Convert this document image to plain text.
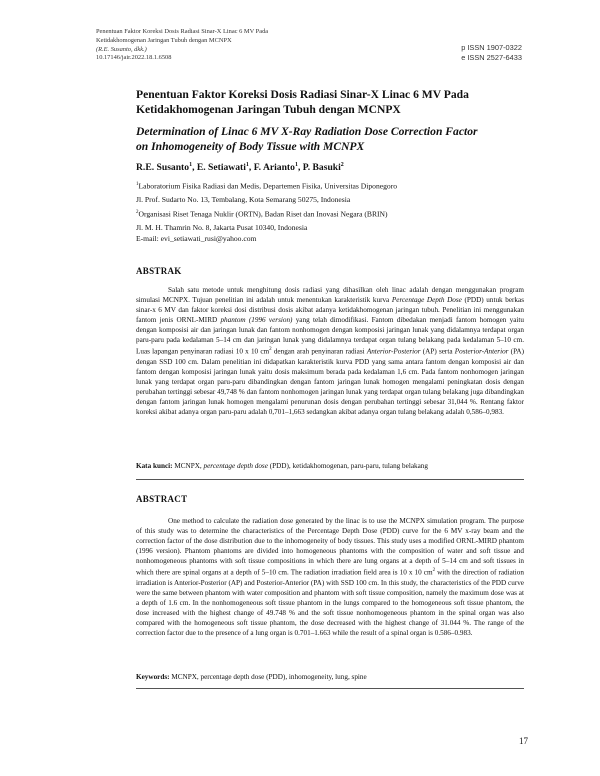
Penentuan Faktor Koreksi Dosis Radiasi Sinar-X Linac 6 MV Pada
Ketidakhomogenan Jaringan Tubuh dengan MCNPX
(R.E. Susanto, dkk.)
10.17146/jair.2022.18.1.6508
p ISSN 1907-0322
e ISSN 2527-6433
Penentuan Faktor Koreksi Dosis Radiasi Sinar-X Linac 6 MV Pada
Ketidakhomogenan Jaringan Tubuh dengan MCNPX
Determination of Linac 6 MV X-Ray Radiation Dose Correction Factor
on Inhomogeneity of Body Tissue with MCNPX
R.E. Susanto$^1$, E. Setiawati$^1$, F. Arianto$^1$, P. Basuki$^2$
$^1$Laboratorium Fisika Radiasi dan Medis, Departemen Fisika, Universitas Diponegoro
Jl. Prof. Sudarto No. 13, Tembalang, Kota Semarang 50275, Indonesia
$^2$Organisasi Riset Tenaga Nuklir (ORTN), Badan Riset dan Inovasi Negara (BRIN)
Jl. M. H. Thamrin No. 8, Jakarta Pusat 10340, Indonesia
E-mail: evi_setiawati_rusi@yahoo.com
ABSTRAK
Salah satu metode untuk menghitung dosis radiasi yang dihasilkan oleh linac adalah dengan menggunakan program simulasi MCNPX. Tujuan penelitian ini adalah untuk menentukan karakteristik kurva Percentage Depth Dose (PDD) untuk berkas sinar-x 6 MV dan faktor koreksi dosi distribusi dosis akibat adanya ketidakhomogenan jaringan tubuh. Penelitian ini menggunakan fantom jenis ORNL-MIRD phantom (1996 version) yang telah dimodifikasi. Fantom dibedakan menjadi fantom homogen yaitu dengan komposisi air dan jaringan lunak dan fantom nonhomogen dengan komposisi jaringan lunak yang didalamnya terdapat organ paru-paru pada kedalaman 5–14 cm dan jaringan lunak yang didalamnya terdapat organ tulang belakang pada kedalaman 5–10 cm. Luas lapangan penyinaran radiasi 10 x 10 $cm^2$ dengan arah penyinaran radiasi Anterior-Posterior (AP) serta Posterior-Anterior (PA) dengan SSD 100 cm. Dalam penelitian ini didapatkan karakteristik kurva PDD yang sama antara fantom dengan komposisi air dan fantom dengan komposisi jaringan lunak yaitu dosis maksimum berada pada kedalaman 1,6 cm. Pada fantom nonhomogen jaringan lunak yang terdapat organ paru-paru dibandingkan dengan fantom jaringan lunak homogen mengalami peningkatan dosis dengan perubahan tertinggi sebesar 49,748 % dan fantom nonhomogen jaringan lunak yang terdapat organ tulang belakang juga dibandingkan dengan fantom jaringan lunak homogen mengalami penurunan dosis dengan perubahan tertinggi sebesar 31,044 %. Rentang faktor koreksi akibat adanya organ paru-paru adalah 0,701–1,663 sedangkan akibat adanya organ tulang belakang adalah 0,586–0,983.
Kata kunci: MCNPX, percentage depth dose (PDD), ketidakhomogenan, paru-paru, tulang belakang
ABSTRACT
One method to calculate the radiation dose generated by the linac is to use the MCNPX simulation program. The purpose of this study was to determine the characteristics of the Percentage Depth Dose (PDD) curve for the 6 MV x-ray beam and the correction factor of the dose distribution due to the inhomogeneity of body tissues. This study uses a modified ORNL-MIRD phantom (1996 version). Phantom phantoms are divided into homogeneous phantoms with the composition of water and soft tissue and nonhomogeneous phantoms with soft tissue compositions in which there are lung organs at a depth of 5–14 cm and soft tissues in which there are spinal organs at a depth of 5–10 cm. The radiation irradiation field area is 10 x 10 $cm^2$ with the direction of radiation irradiation is Anterior-Posterior (AP) and Posterior-Anterior (PA) with SSD 100 cm. In this study, the characteristics of the PDD curve were the same between phantom with water composition and phantom with soft tissue composition, namely the maximum dose was at a depth of 1.6 cm. In the nonhomogeneous soft tissue phantom in the lungs compared to the homogeneous soft tissue phantom, the dose increased with the highest change of 49.748 % and the soft tissue nonhomogeneous phantom in the spinal organ was also compared with the homogeneous soft tissue phantom, the dose decreased with the highest change of 31.044 %. The range of the correction factor due to the presence of a lung organ is 0.701–1.663 while the result of a spinal organ is 0.586–0.983.
Keywords: MCNPX, percentage depth dose (PDD), inhomogeneity, lung, spine
17
